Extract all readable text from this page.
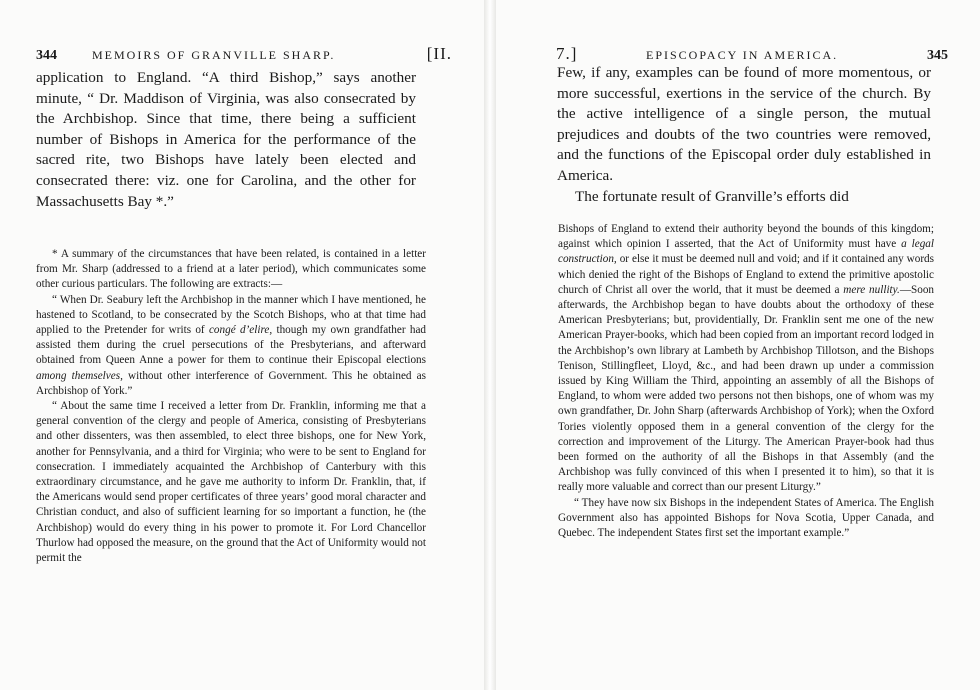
344	MEMOIRS OF GRANVILLE SHARP.	[II.

application to England. “A third Bishop,” says another minute, “ Dr. Maddison of Virginia, was also consecrated by the Archbishop. Since that time, there being a sufficient number of Bishops in America for the performance of the sacred rite, two Bishops have lately been elected and consecrated there: viz. one for Carolina, and the other for Massachusetts Bay *.”

* A summary of the circumstances that have been related, is contained in a letter from Mr. Sharp (addressed to a friend at a later period), which communicates some other curious particulars. The following are extracts:—

“ When Dr. Seabury left the Archbishop in the manner which I have mentioned, he hastened to Scotland, to be consecrated by the Scotch Bishops, who at that time had applied to the Pretender for writs of congé d’elire, though my own grandfather had assisted them during the cruel persecutions of the Presbyterians, and afterward obtained from Queen Anne a power for them to continue their Episcopal elections among themselves, without other interference of Government. This he obtained as Archbishop of York.”

“ About the same time I received a letter from Dr. Franklin, informing me that a general convention of the clergy and people of America, consisting of Presbyterians and other dissenters, was then assembled, to elect three bishops, one for New York, another for Pennsylvania, and a third for Virginia; who were to be sent to England for consecration. I immediately acquainted the Archbishop of Canterbury with this extraordinary circumstance, and he gave me authority to inform Dr. Franklin, that, if the Americans would send proper certificates of three years’ good moral character and Christian conduct, and also of sufficient learning for so important a function, he (the Archbishop) would do every thing in his power to promote it. For Lord Chancellor Thurlow had opposed the measure, on the ground that the Act of Uniformity would not permit the

7.]	EPISCOPACY IN AMERICA.	345

Few, if any, examples can be found of more momentous, or more successful, exertions in the service of the church. By the active intelligence of a single person, the mutual prejudices and doubts of the two countries were removed, and the functions of the Episcopal order duly established in America.

The fortunate result of Granville’s efforts did

Bishops of England to extend their authority beyond the bounds of this kingdom; against which opinion I asserted, that the Act of Uniformity must have a legal construction, or else it must be deemed null and void; and if it contained any words which denied the right of the Bishops of England to extend the primitive apostolic church of Christ all over the world, that it must be deemed a mere nullity.—Soon afterwards, the Archbishop began to have doubts about the orthodoxy of these American Presbyterians; but, providentially, Dr. Franklin sent me one of the new American Prayer-books, which had been copied from an important record lodged in the Archbishop’s own library at Lambeth by Archbishop Tillotson, and the Bishops Tenison, Stillingfleet, Lloyd, &c., and had been drawn up under a commission issued by King William the Third, appointing an assembly of all the Bishops of England, to whom were added two persons not then bishops, one of whom was my own grandfather, Dr. John Sharp (afterwards Archbishop of York); when the Oxford Tories violently opposed them in a general convention of the clergy for the correction and improvement of the Liturgy. The American Prayer-book had thus been formed on the authority of all the Bishops in that Assembly (and the Archbishop was fully convinced of this when I presented it to him), so that it is really more valuable and correct than our present Liturgy.”

“ They have now six Bishops in the independent States of America. The English Government also has appointed Bishops for Nova Scotia, Upper Canada, and Quebec. The independent States first set the important example.”
